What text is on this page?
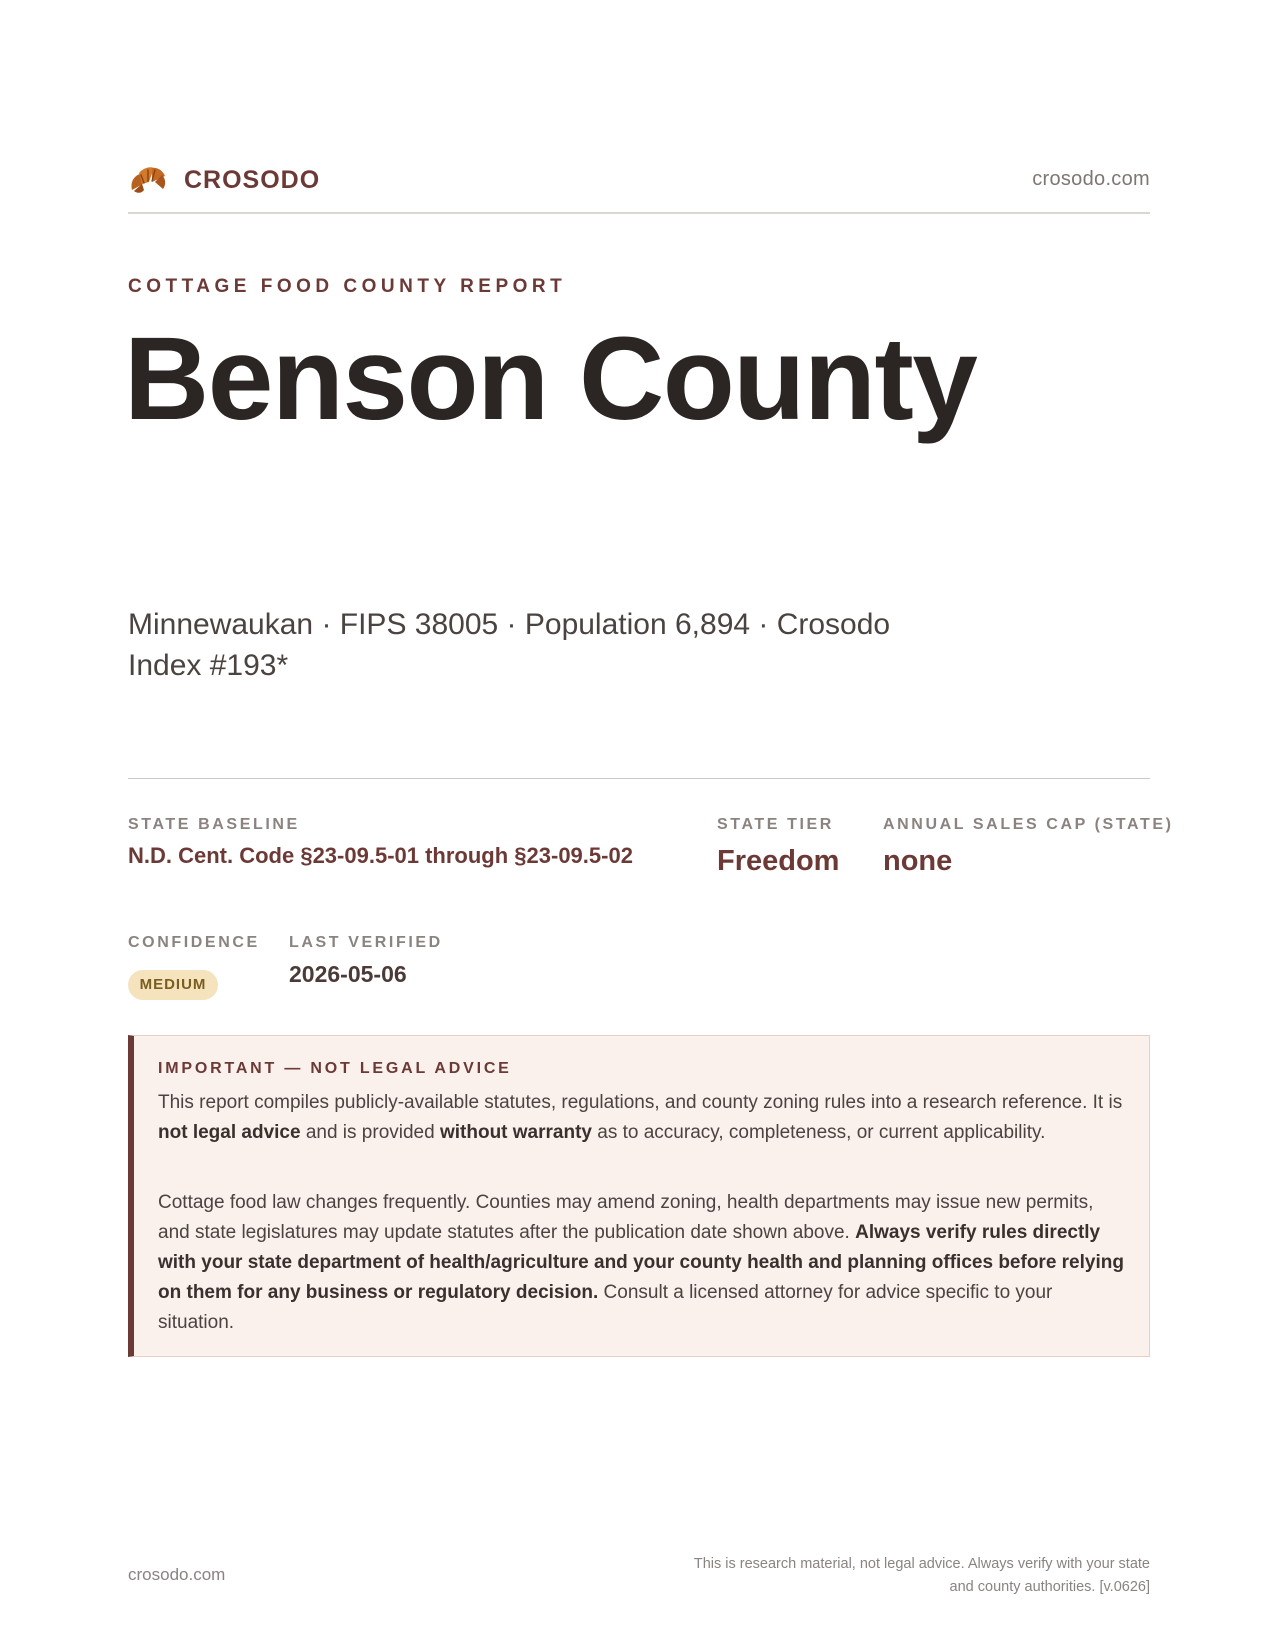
CROSODO	crosodo.com
COTTAGE FOOD COUNTY REPORT
Benson County
Minnewaukan · FIPS 38005 · Population 6,894 · Crosodo Index #193*
STATE BASELINE
N.D. Cent. Code §23-09.5-01 through §23-09.5-02
STATE TIER
Freedom
ANNUAL SALES CAP (STATE)
none
CONFIDENCE
MEDIUM
LAST VERIFIED
2026-05-06
IMPORTANT — NOT LEGAL ADVICE

This report compiles publicly-available statutes, regulations, and county zoning rules into a research reference. It is not legal advice and is provided without warranty as to accuracy, completeness, or current applicability.

Cottage food law changes frequently. Counties may amend zoning, health departments may issue new permits, and state legislatures may update statutes after the publication date shown above. Always verify rules directly with your state department of health/agriculture and your county health and planning offices before relying on them for any business or regulatory decision. Consult a licensed attorney for advice specific to your situation.

crosodo.com
This is research material, not legal advice. Always verify with your state
and county authorities. [v.0626]
